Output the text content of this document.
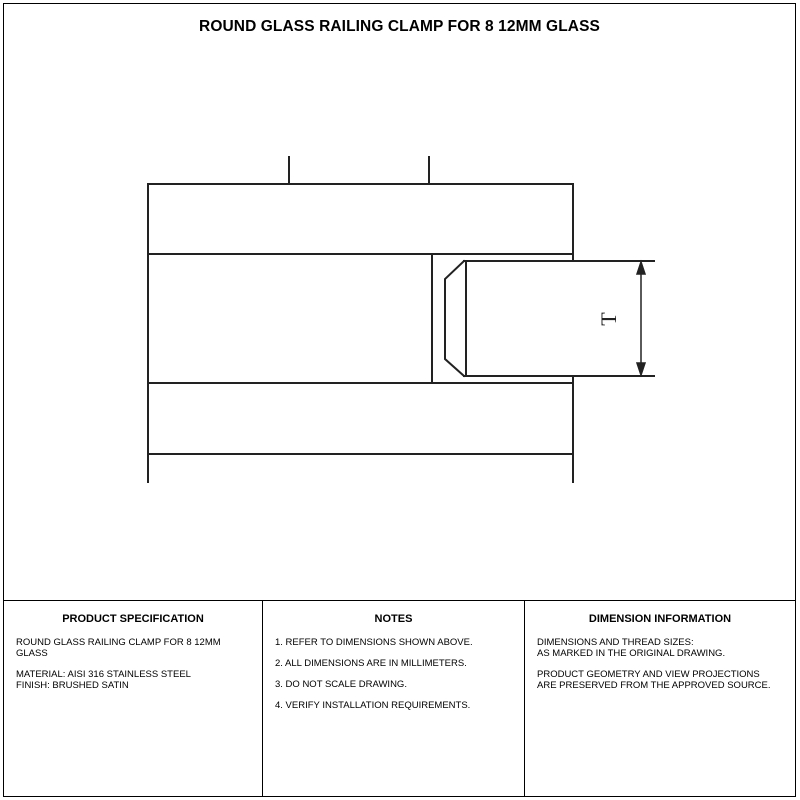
ROUND GLASS RAILING CLAMP FOR 8 12MM GLASS
T
PRODUCT SPECIFICATION

ROUND GLASS RAILING CLAMP FOR 8 12MM
GLASS

MATERIAL: AISI 316 STAINLESS STEEL
FINISH: BRUSHED SATIN

NOTES

1. REFER TO DIMENSIONS SHOWN ABOVE.

2. ALL DIMENSIONS ARE IN MILLIMETERS.

3. DO NOT SCALE DRAWING.

4. VERIFY INSTALLATION REQUIREMENTS.

DIMENSION INFORMATION

DIMENSIONS AND THREAD SIZES:
AS MARKED IN THE ORIGINAL DRAWING.

PRODUCT GEOMETRY AND VIEW PROJECTIONS
ARE PRESERVED FROM THE APPROVED SOURCE.
